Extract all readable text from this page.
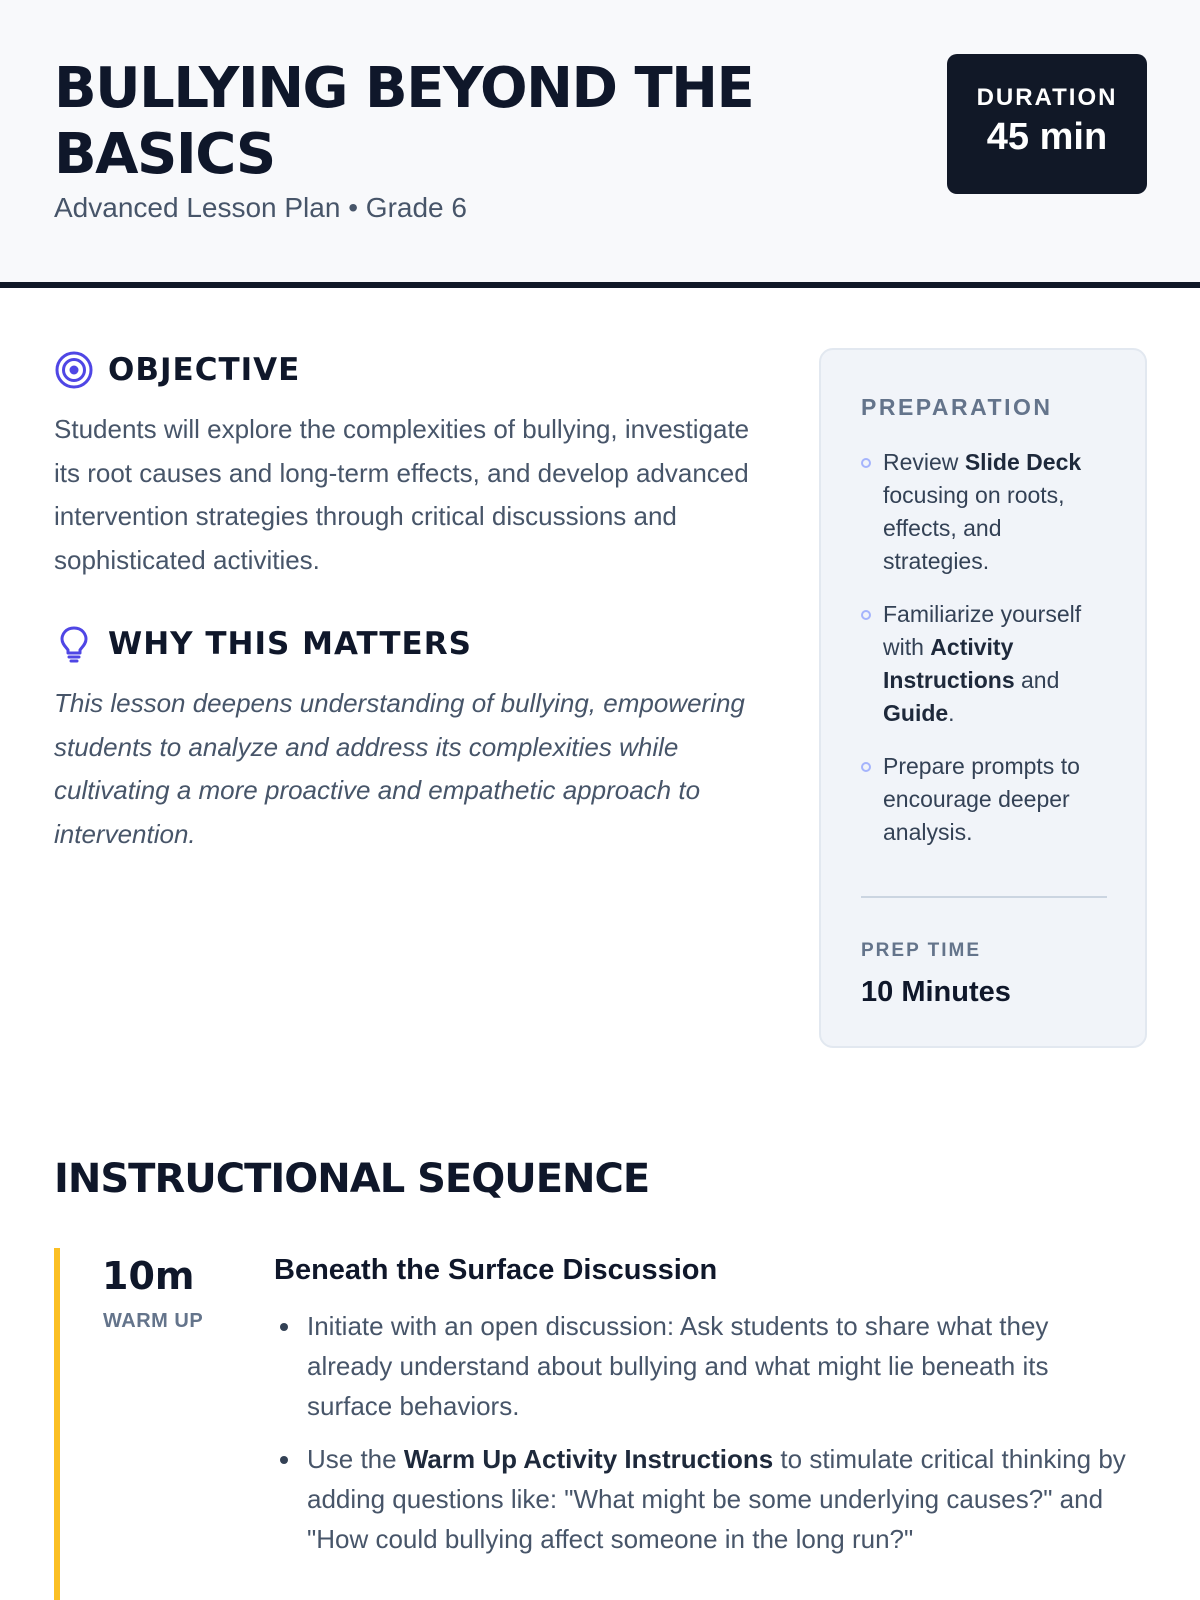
BULLYING BEYOND THE BASICS
Advanced Lesson Plan • Grade 6
DURATION
45 min
OBJECTIVE

Students will explore the complexities of bullying, investigate its root causes and long-term effects, and develop advanced intervention strategies through critical discussions and sophisticated activities.

WHY THIS MATTERS

This lesson deepens understanding of bullying, empowering students to analyze and address its complexities while cultivating a more proactive and empathetic approach to intervention.

PREPARATION
Review Slide Deck focusing on roots, effects, and strategies.
Familiarize yourself with Activity Instructions and Guide.
Prepare prompts to encourage deeper analysis.
PREP TIME
10 Minutes
INSTRUCTIONAL SEQUENCE
10m
WARM UP
Beneath the Surface Discussion
Initiate with an open discussion: Ask students to share what they already understand about bullying and what might lie beneath its surface behaviors.
Use the Warm Up Activity Instructions to stimulate critical thinking by adding questions like: "What might be some underlying causes?" and "How could bullying affect someone in the long run?"
